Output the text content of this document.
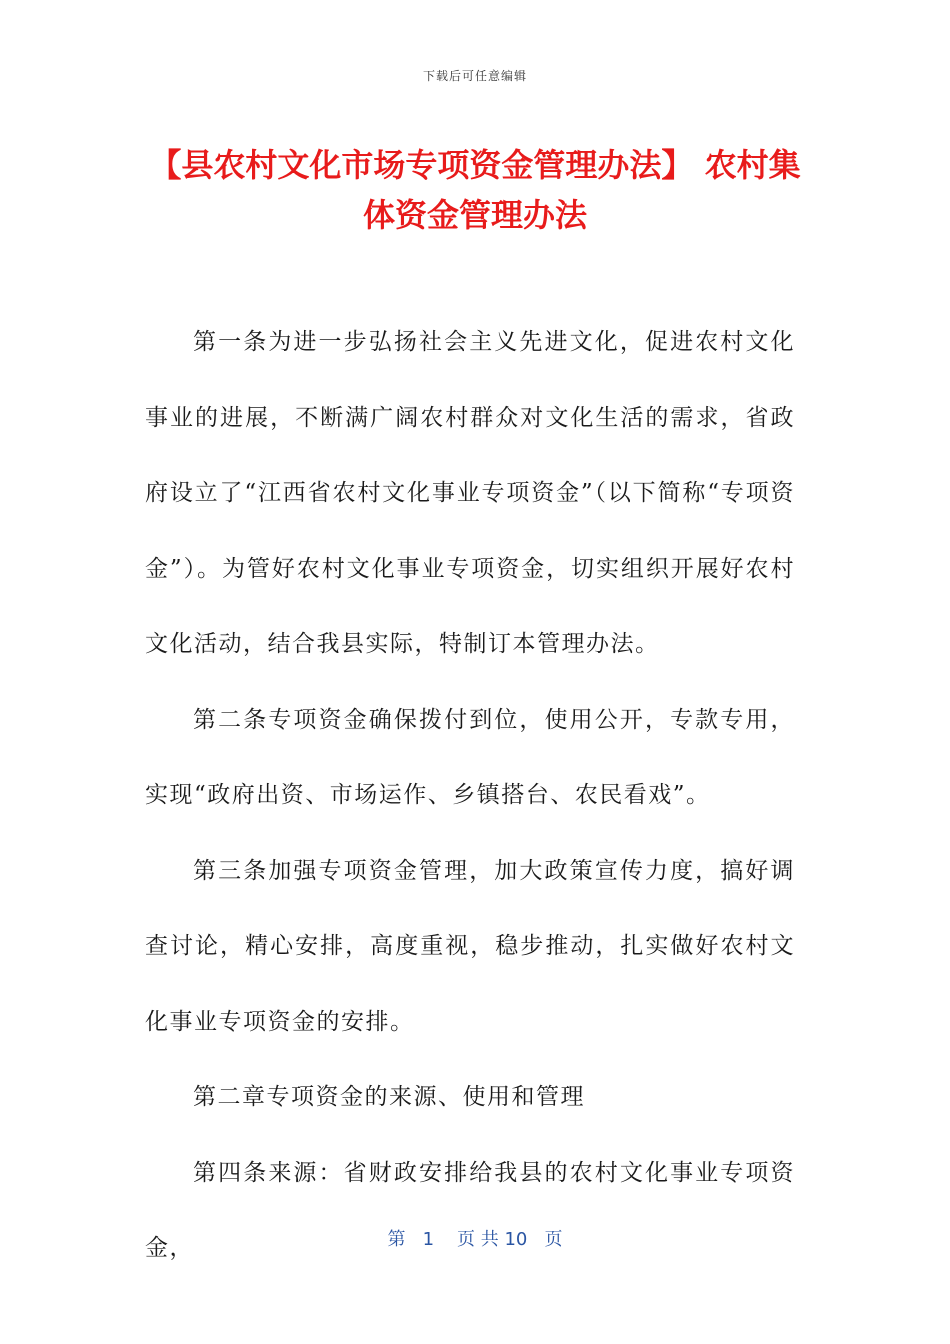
下载后可任意编辑
【县农村文化市场专项资金管理办法】 农村集体资金管理办法

第一条为进一步弘扬社会主义先进文化，促进农村文化事业的进展，不断满广阔农村群众对文化生活的需求，省政府设立了“江西省农村文化事业专项资金”（以下简称“专项资金”）。为管好农村文化事业专项资金，切实组织开展好农村文化活动，结合我县实际，特制订本管理办法。

第二条专项资金确保拨付到位，使用公开，专款专用，实现“政府出资、市场运作、乡镇搭台、农民看戏”。

第三条加强专项资金管理，加大政策宣传力度，搞好调查讨论，精心安排，高度重视，稳步推动，扎实做好农村文化事业专项资金的安排。

第二章专项资金的来源、使用和管理

第四条来源：省财政安排给我县的农村文化事业专项资金，	第 1 页 共 10 页
